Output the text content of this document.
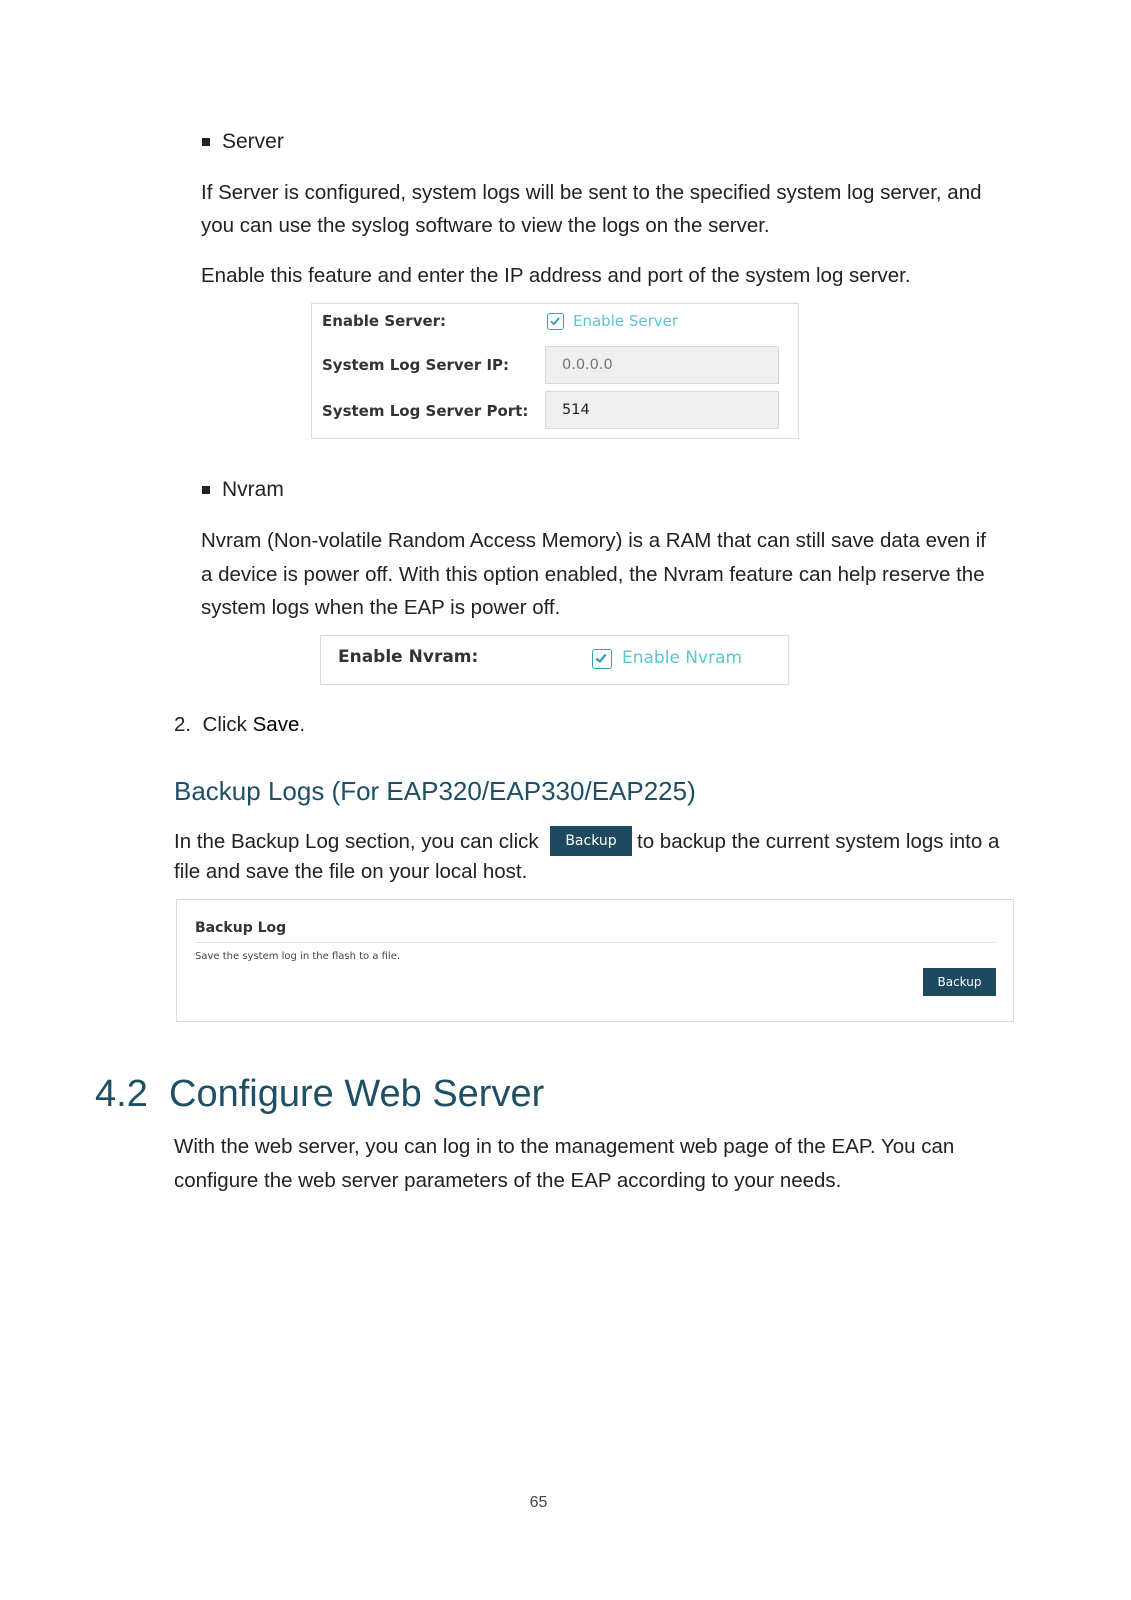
Server
If Server is configured, system logs will be sent to the specified system log server, and
you can use the syslog software to view the logs on the server.
Enable this feature and enter the IP address and port of the system log server.
Enable Server:	Enable Server
System Log Server IP:
0.0.0.0
System Log Server Port:	514
Nvram
Nvram (Non-volatile Random Access Memory) is a RAM that can still save data even if
a device is power off. With this option enabled, the Nvram feature can help reserve the
system logs when the EAP is power off.
Enable Nvram:	Enable Nvram
2. Click Save.
Backup Logs (For EAP320/EAP330/EAP225)
In the Backup Log section, you can click	Backup to backup the current system logs into a
file and save the file on your local host.
Backup Log
Save the system log in the flash to a file.
Backup
4.2 Configure Web Server
With the web server, you can log in to the management web page of the EAP. You can
configure the web server parameters of the EAP according to your needs.
65
